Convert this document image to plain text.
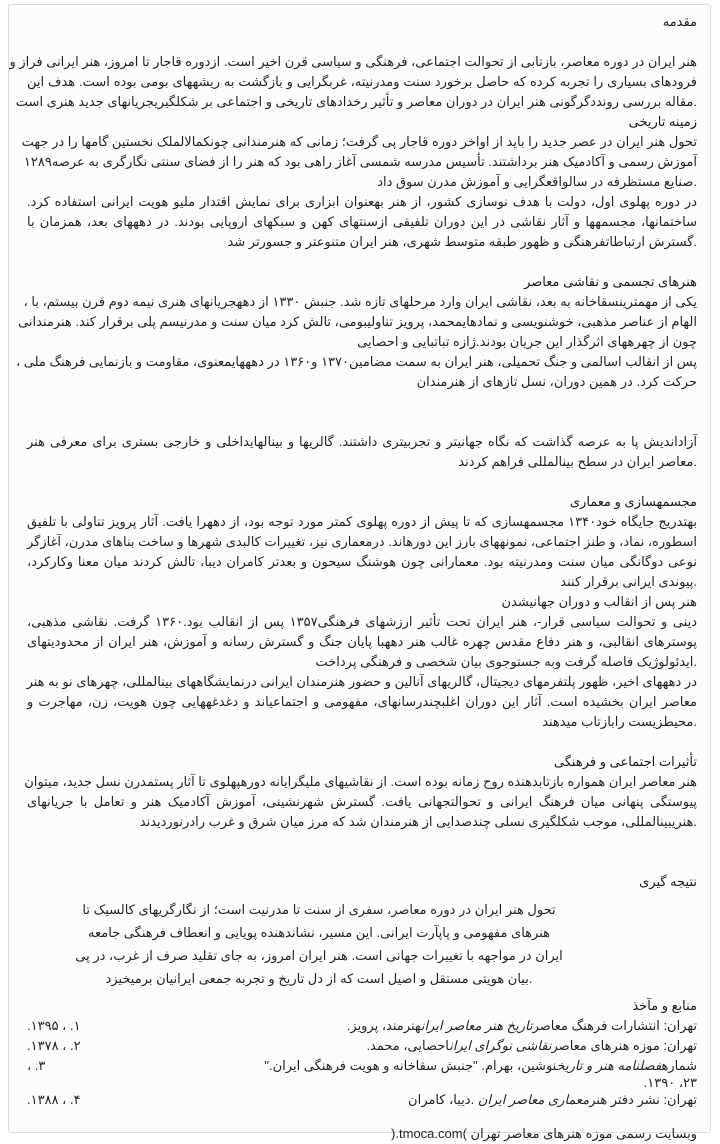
مقدمه
هنر ایران در دوره معاصر، بازتابی از تحوالت اجتماعی، فرهنگی و سیاسی قرن اخیر است. ازدوره قاجار تا امروز، هنر ایرانی فراز و
فرودهای بسیاری را تجربه کرده که حاصل برخورد سنت ومدرنیته، غربگرایی و بازگشت به ریشههای بومی بوده است. هدف این
.مقاله بررسی رونددگرگونی هنر ایران در دوران معاصر و تأثیر رخدادهای تاریخی و اجتماعی بر شکلگیریجریانهای جدید هنری است
زمینه تاریخی
تحول هنر ایران در عصر جدید را باید از اواخر دوره قاجار پی گرفت؛ زمانی که هنرمندانی چونکمالالملک نخستین گامها را در جهت
آموزش رسمی و آکادمیک هنر برداشتند. تأسیس مدرسه شمسی آغاز راهی بود که هنر را از فضای سنتی نگارگری به عرصه۱۲۸۹
.صنایع مستظرفه در سالواقعگرایی و آموزش مدرن سوق داد
در دوره پهلوی اول، دولت با هدف نوسازی کشور، از هنر بهعنوان ابزاری برای نمایش اقتدار ملیو هویت ایرانی استفاده کرد.
ساختمانها، مجسمهها و آثار نقاشی در این دوران تلفیقی ازسنتهای کهن و سبکهای اروپایی بودند. در دهههای بعد، همزمان با
.گسترش ارتباطاتفرهنگی و ظهور طبقه متوسط شهری، هنر ایران متنوعتر و جسورتر شد
هنرهای تجسمی و نقاشی معاصر
یکی از مهمترینسقاخانه به بعد، نقاشی ایران وارد مرحلهای تازه شد. جنبش ۱۳۳۰ از دههجریانهای هنری نیمه دوم قرن بیستم، با ،
الهام از عناصر مذهبی، خوشنویسی و نمادهایمحمد، پرویز تناولیبومی، تالش کرد میان سنت و مدرنیسم پلی برقرار کند. هنرمندانی
چون از چهرههای اثرگذار این جریان بودند.ژازه تباتبایی و احصایی
پس از انقالب اسالمی و جنگ تحمیلی، هنر ایران به سمت مضامین۱۳۷۰ و۱۳۶۰ در دهههایمعنوی، مقاومت و بازنمایی فرهنگ ملی ،
حرکت کرد. در همین دوران، نسل تازهای از هنرمندان
آزاداندیش پا به عرصه گذاشت که نگاه جهانیتر و تجربیتری داشتند. گالریها و بینالهایداخلی و خارجی بستری برای معرفی هنر
.معاصر ایران در سطح بینالمللی فراهم کردند
مجسمهسازی و معماری
بهتدریج جایگاه خود۱۳۴۰ مجسمهسازی که تا پیش از دوره پهلوی کمتر مورد توجه بود، از دههرا یافت. آثار پرویز تناولی با تلفیق
اسطوره، نماد، و طنز اجتماعی، نمونههای بارز این دورهاند. درمعماری نیز، تغییرات کالبدی شهرها و ساخت بناهای مدرن، آغازگر
نوعی دوگانگی میان سنت ومدرنیته بود. معمارانی چون هوشنگ سیحون و بعدتر کامران دیبا، تالش کردند میان معنا وکارکرد،
.پیوندی ایرانی برقرار کنند
هنر پس از انقالب و دوران جهانیشدن
دینی و تحوالت سیاسی قرار-، هنر ایران تحت تأثیر ارزشهای فرهنگی۱۳۵۷ پس از انقالب بود.۱۳۶۰ گرفت. نقاشی مذهبی،
پوسترهای انقالبی، و هنر دفاع مقدس چهره غالب هنر دههبا پایان جنگ و گسترش رسانه و آموزش، هنر ایران از محدودیتهای
.ایدئولوژیک فاصله گرفت وبه جستوجوی بیان شخصی و فرهنگی پرداخت
در دهههای اخیر، ظهور پلتفرمهای دیجیتال، گالریهای آنالین و حضور هنرمندان ایرانی درنمایشگاههای بینالمللی، چهرهای نو به هنر
معاصر ایران بخشیده است. آثار این دوران اغلبچندرسانهای، مفهومی و اجتماعیاند و دغدغههایی چون هویت، زن، مهاجرت و
.محیطزیست رابازتاب میدهند
تأثیرات اجتماعی و فرهنگی
هنر معاصر ایران همواره بازتابدهنده روح زمانه بوده است. از نقاشیهای ملیگرایانه دورهپهلوی تا آثار پستمدرن نسل جدید، میتوان
پیوستگی پنهانی میان فرهنگ ایرانی و تحوالتجهانی یافت. گسترش شهرنشینی، آموزش آکادمیک هنر و تعامل با جریانهای
.هنریبینالمللی، موجب شکلگیری نسلی چندصدایی از هنرمندان شد که مرز میان شرق و غرب رادرنوردیدند
نتیجه گیری
تحول هنر ایران در دوره معاصر، سفری از سنت تا مدرنیت است؛ از نگارگریهای کالسیک تا
هنرهای مفهومی و پاپآرت ایرانی. این مسیر، نشاندهنده پویایی و انعطاف فرهنگی جامعه
ایران در مواجهه با تغییرات جهانی است. هنر ایران امروز، به جای تقلید صرف از غرب، در پی
.بیان هویتی مستقل و اصیل است که از دل تاریخ و تجربه جمعی ایرانیان برمیخیزد
منابع و مآخذ
تهران: انتشارات فرهنگ معاصرتاریخ هنر معاصر ایرانهنرمند، پرویز.
۱. ، ۱۳۹۵.
تهران: موزه هنرهای معاصرنقاشی نوگرای ایراناحصایی، محمد.
۲. ، ۱۳۷۸.
شمارهفصلنامه هنر و تاریخنوشین، بهرام. "جنبش سقاخانه و هویت فرهنگی ایران."
۳. ،
۲۳، ۱۳۹۰.
تهران: نشر دفتر هنرمعماری معاصر ایران .دیبا، کامران
۴. ، ۱۳۸۸.
وبسایت رسمی موزه هنرهای معاصر تهران )tmoca.com.(
